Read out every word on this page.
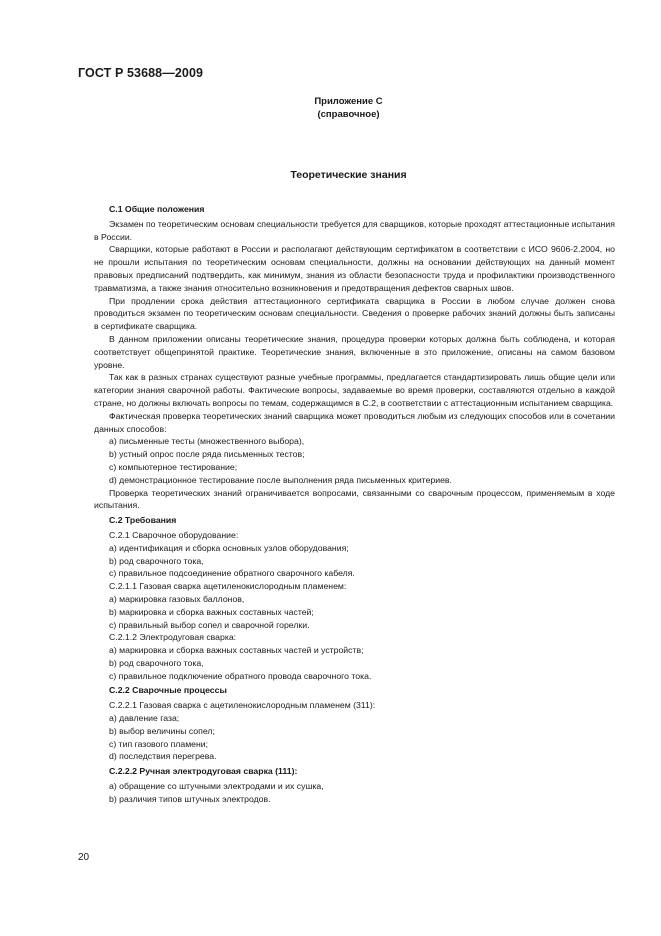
ГОСТ Р 53688—2009
Приложение С
(справочное)
Теоретические знания

С.1 Общие положения

Экзамен по теоретическим основам специальности требуется для сварщиков, которые проходят аттестационные испытания в России.

Сварщики, которые работают в России и располагают действующим сертификатом в соответствии с ИСО 9606-2.2004, но не прошли испытания по теоретическим основам специальности, должны на основании действующих на данный момент правовых предписаний подтвердить, как минимум, знания из области безопасности труда и профилактики производственного травматизма, а также знания относительно возникновения и предотвращения дефектов сварных швов.

При продлении срока действия аттестационного сертификата сварщика в России в любом случае должен снова проводиться экзамен по теоретическим основам специальности. Сведения о проверке рабочих знаний должны быть записаны в сертификате сварщика.

В данном приложении описаны теоретические знания, процедура проверки которых должна быть соблюдена, и которая соответствует общепринятой практике. Теоретические знания, включенные в это приложение, описаны на самом базовом уровне.

Так как в разных странах существуют разные учебные программы, предлагается стандартизировать лишь общие цели или категории знания сварочной работы. Фактические вопросы, задаваемые во время проверки, составляются отдельно в каждой стране, но должны включать вопросы по темам, содержащимся в С.2, в соответствии с аттестационным испытанием сварщика.

Фактическая проверка теоретических знаний сварщика может проводиться любым из следующих способов или в сочетании данных способов:

а) письменные тесты (множественного выбора),

b) устный опрос после ряда письменных тестов;

с) компьютерное тестирование;

d) демонстрационное тестирование после выполнения ряда письменных критериев.

Проверка теоретических знаний ограничивается вопросами, связанными со сварочным процессом, применяемым в ходе испытания.

С.2 Требования

С.2.1 Сварочное оборудование:

а) идентификация и сборка основных узлов оборудования;

b) род сварочного тока,

с) правильное подсоединение обратного сварочного кабеля.

С.2.1.1 Газовая сварка ацетиленокислородным пламенем:

а) маркировка газовых баллонов,

b) маркировка и сборка важных составных частей;

с) правильный выбор сопел и сварочной горелки.

С.2.1.2 Электродуговая сварка:

а) маркировка и сборка важных составных частей и устройств;

b) род сварочного тока,

с) правильное подключение обратного провода сварочного тока.

С.2.2 Сварочные процессы

С.2.2.1 Газовая сварка с ацетиленокислородным пламенем (311):

а) давление газа;

b) выбор величины сопел;

с) тип газового пламени;

d) последствия перегрева.

С.2.2.2 Ручная электродуговая сварка (111):

а) обращение со штучными электродами и их сушка,

b) различия типов штучных электродов.

20
